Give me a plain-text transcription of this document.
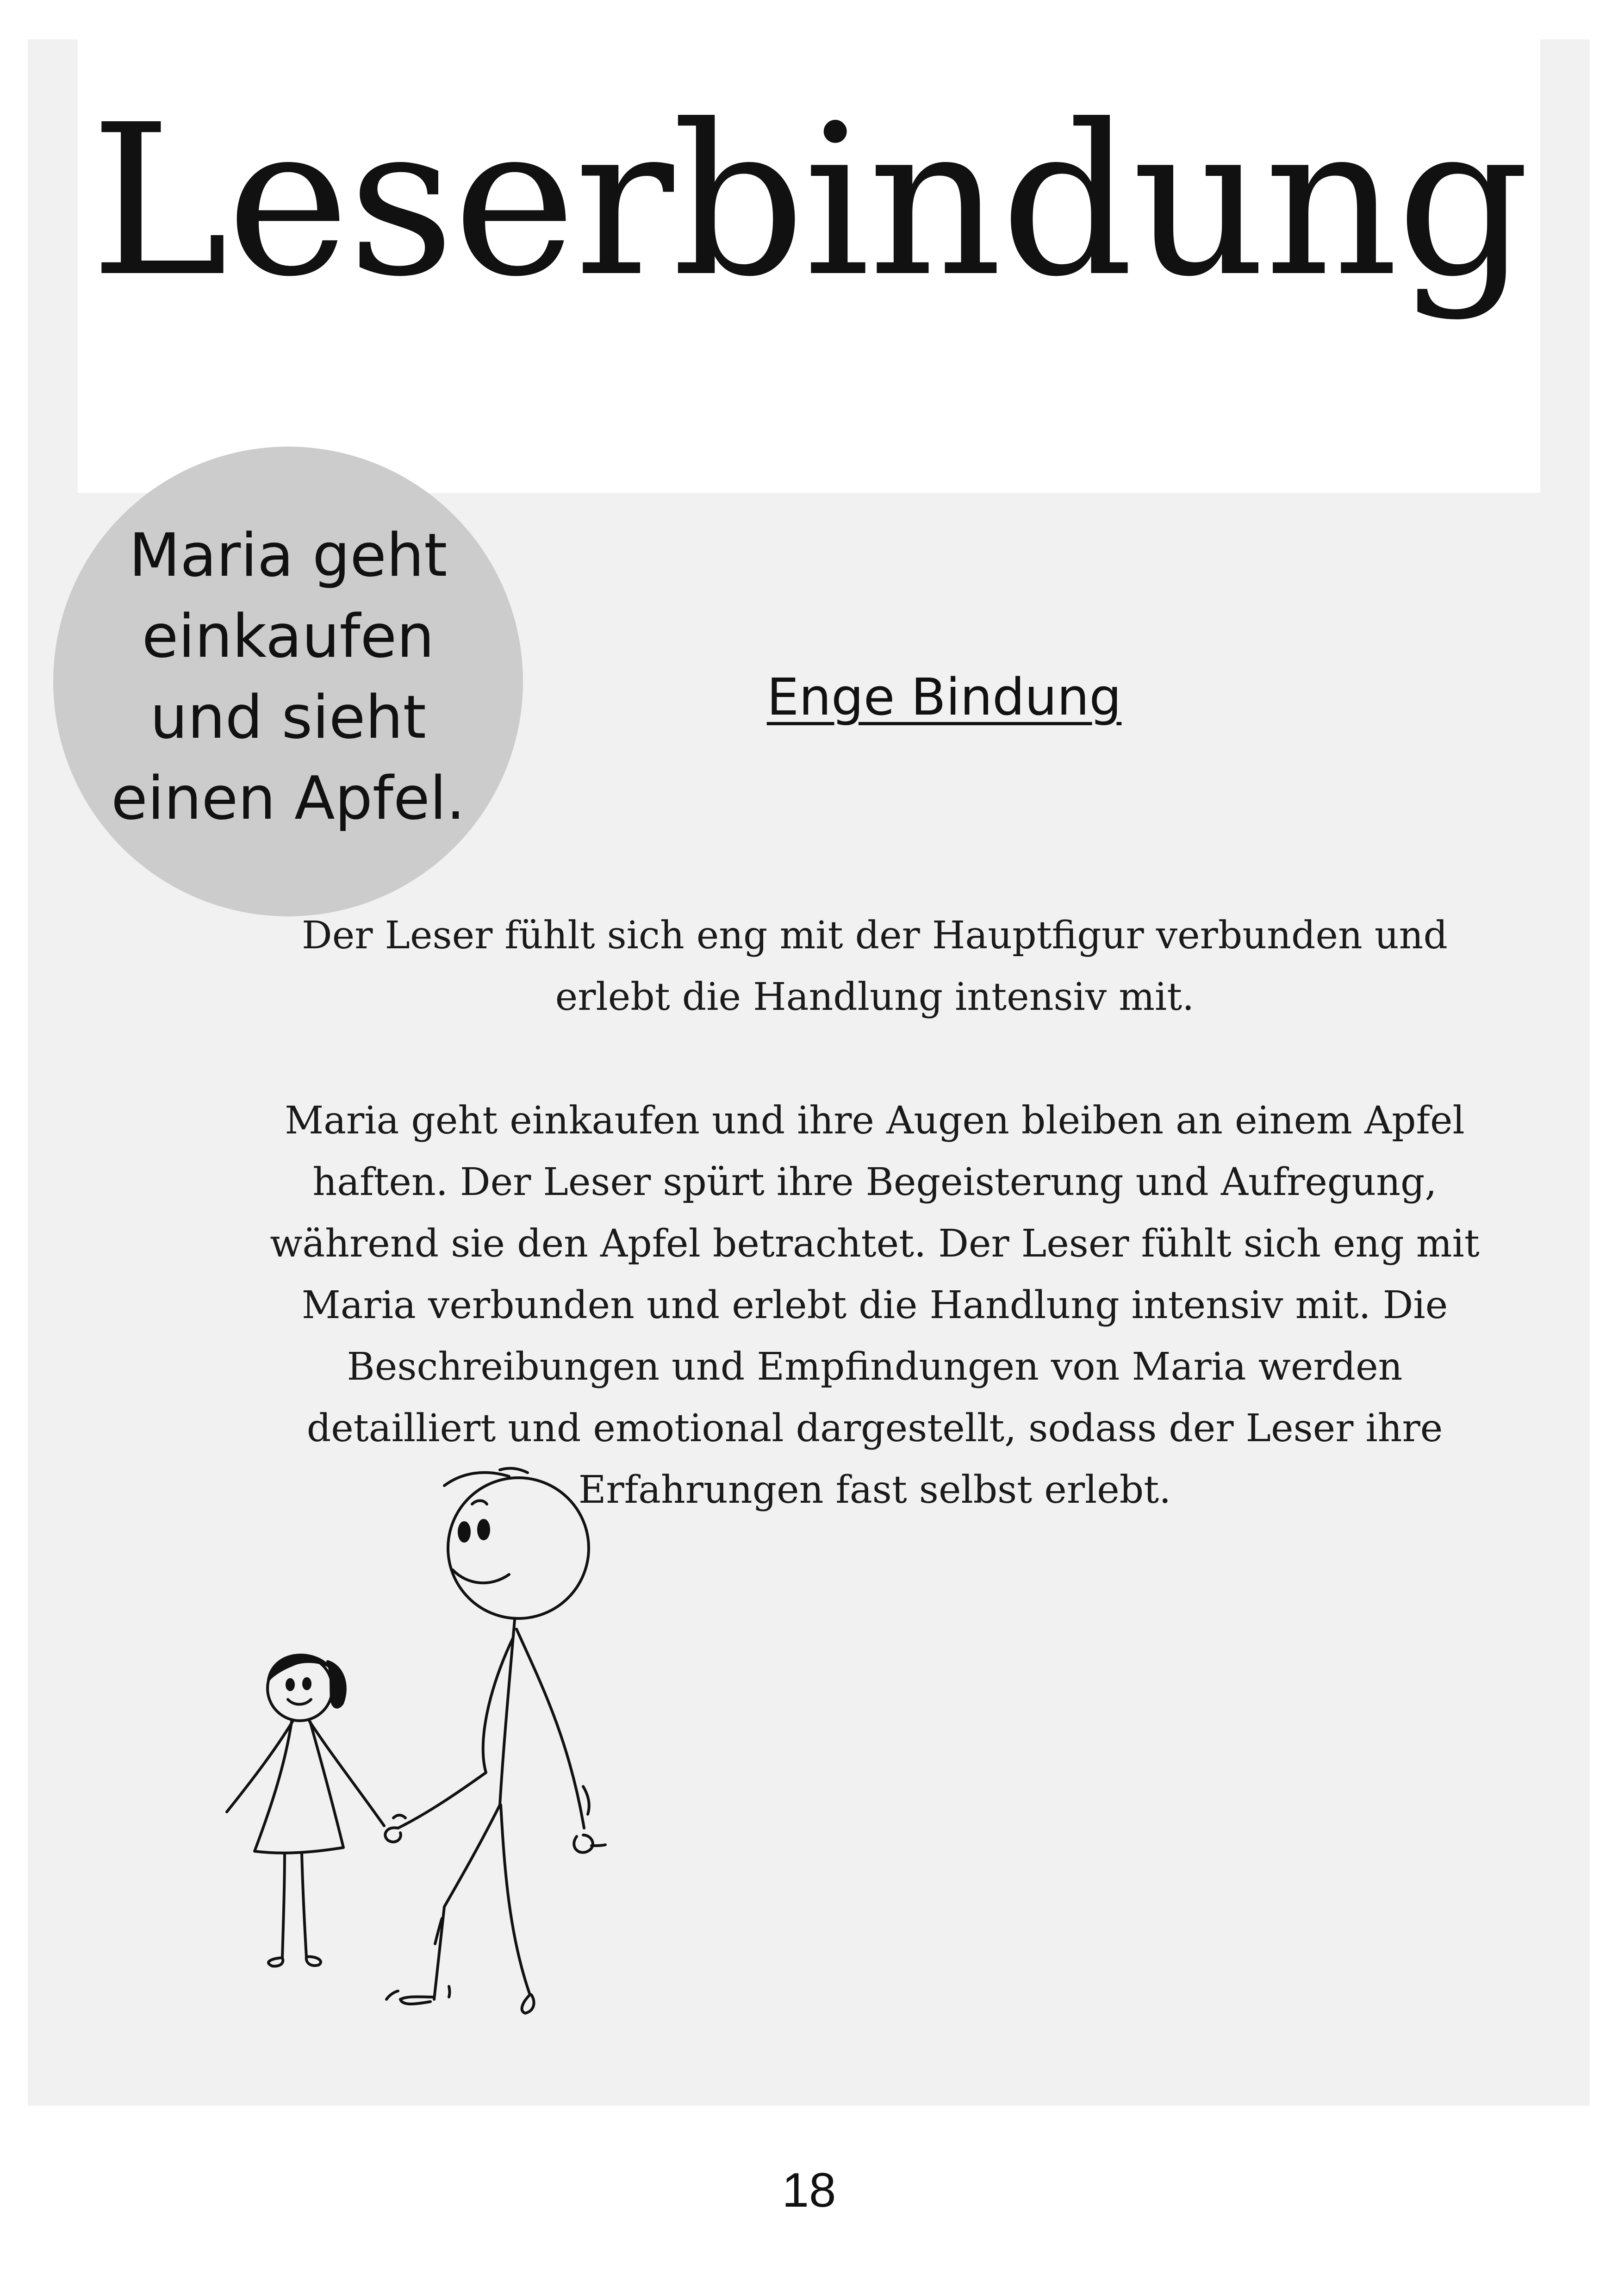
Leserbindung
Maria geht einkaufen und sieht einen Apfel.
Enge Bindung

Der Leser fühlt sich eng mit der Hauptfigur verbunden und erlebt die Handlung intensiv mit.

Maria geht einkaufen und ihre Augen bleiben an einem Apfel haften. Der Leser spürt ihre Begeisterung und Aufregung, während sie den Apfel betrachtet. Der Leser fühlt sich eng mit Maria verbunden und erlebt die Handlung intensiv mit. Die Beschreibungen und Empfindungen von Maria werden detailliert und emotional dargestellt, sodass der Leser ihre Erfahrungen fast selbst erlebt.

18
